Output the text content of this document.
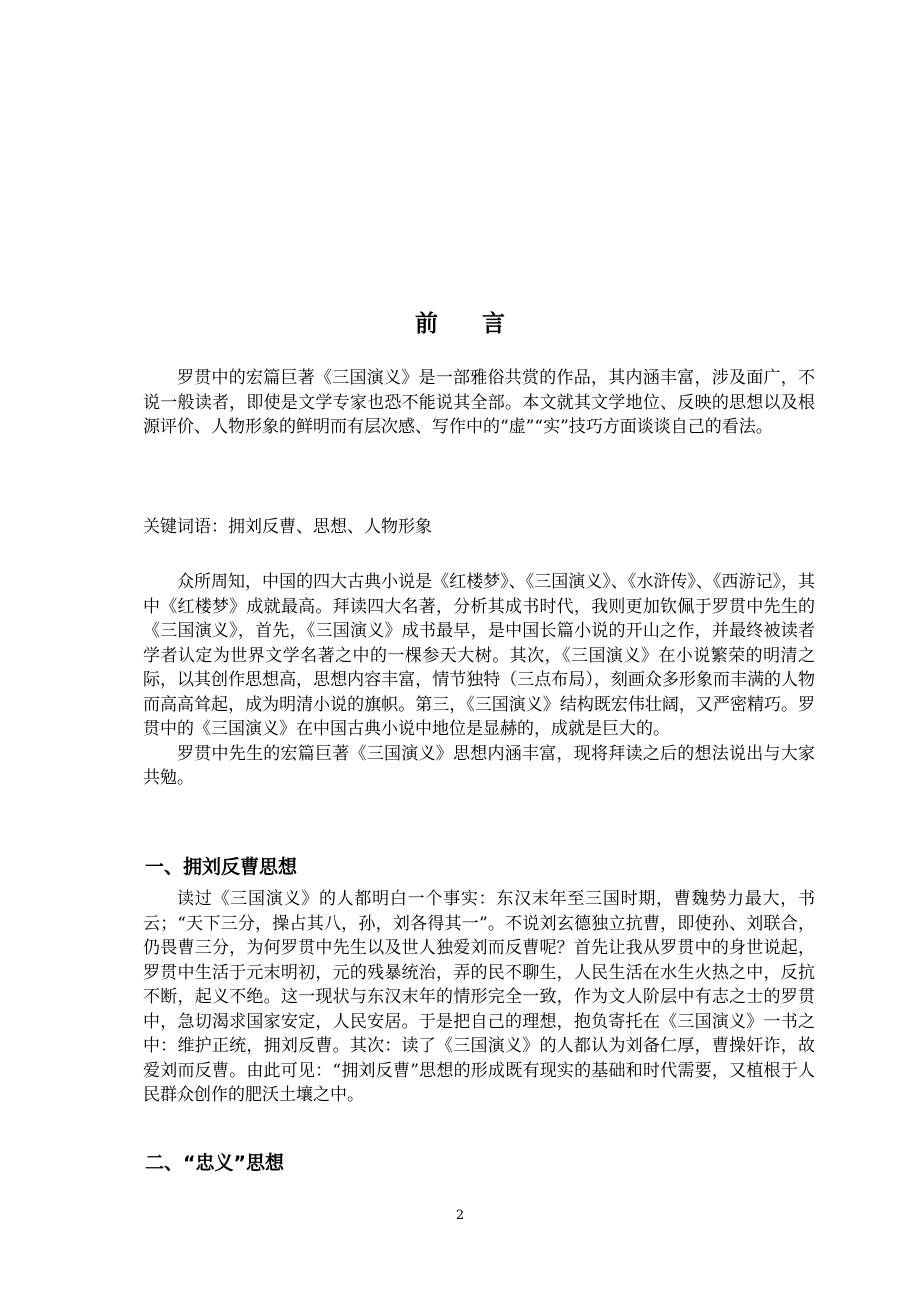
前言

罗贯中的宏篇巨著《三国演义》是一部雅俗共赏的作品，其内涵丰富，涉及面广，不说一般读者，即使是文学专家也恐不能说其全部。本文就其文学地位、反映的思想以及根源评价、人物形象的鲜明而有层次感、写作中的“虚”“实”技巧方面谈谈自己的看法。

关键词语：拥刘反曹、思想、人物形象

众所周知，中国的四大古典小说是《红楼梦》、《三国演义》、《水浒传》、《西游记》，其中《红楼梦》成就最高。拜读四大名著，分析其成书时代，我则更加钦佩于罗贯中先生的《三国演义》，首先，《三国演义》成书最早，是中国长篇小说的开山之作，并最终被读者学者认定为世界文学名著之中的一棵参天大树。其次，《三国演义》在小说繁荣的明清之际，以其创作思想高，思想内容丰富，情节独特（三点布局），刻画众多形象而丰满的人物而高高耸起，成为明清小说的旗帜。第三，《三国演义》结构既宏伟壮阔，又严密精巧。罗贯中的《三国演义》在中国古典小说中地位是显赫的，成就是巨大的。

罗贯中先生的宏篇巨著《三国演义》思想内涵丰富，现将拜读之后的想法说出与大家共勉。

一、拥刘反曹思想

读过《三国演义》的人都明白一个事实：东汉末年至三国时期，曹魏势力最大，书云；“天下三分，操占其八，孙，刘各得其一”。不说刘玄德独立抗曹，即使孙、刘联合，仍畏曹三分，为何罗贯中先生以及世人独爱刘而反曹呢？首先让我从罗贯中的身世说起，罗贯中生活于元末明初，元的残暴统治，弄的民不聊生，人民生活在水生火热之中，反抗不断，起义不绝。这一现状与东汉末年的情形完全一致，作为文人阶层中有志之士的罗贯中，急切渴求国家安定，人民安居。于是把自己的理想，抱负寄托在《三国演义》一书之中：维护正统，拥刘反曹。其次：读了《三国演义》的人都认为刘备仁厚，曹操奸诈，故爱刘而反曹。由此可见：“拥刘反曹”思想的形成既有现实的基础和时代需要，又植根于人民群众创作的肥沃土壤之中。

二、“忠义”思想
2
